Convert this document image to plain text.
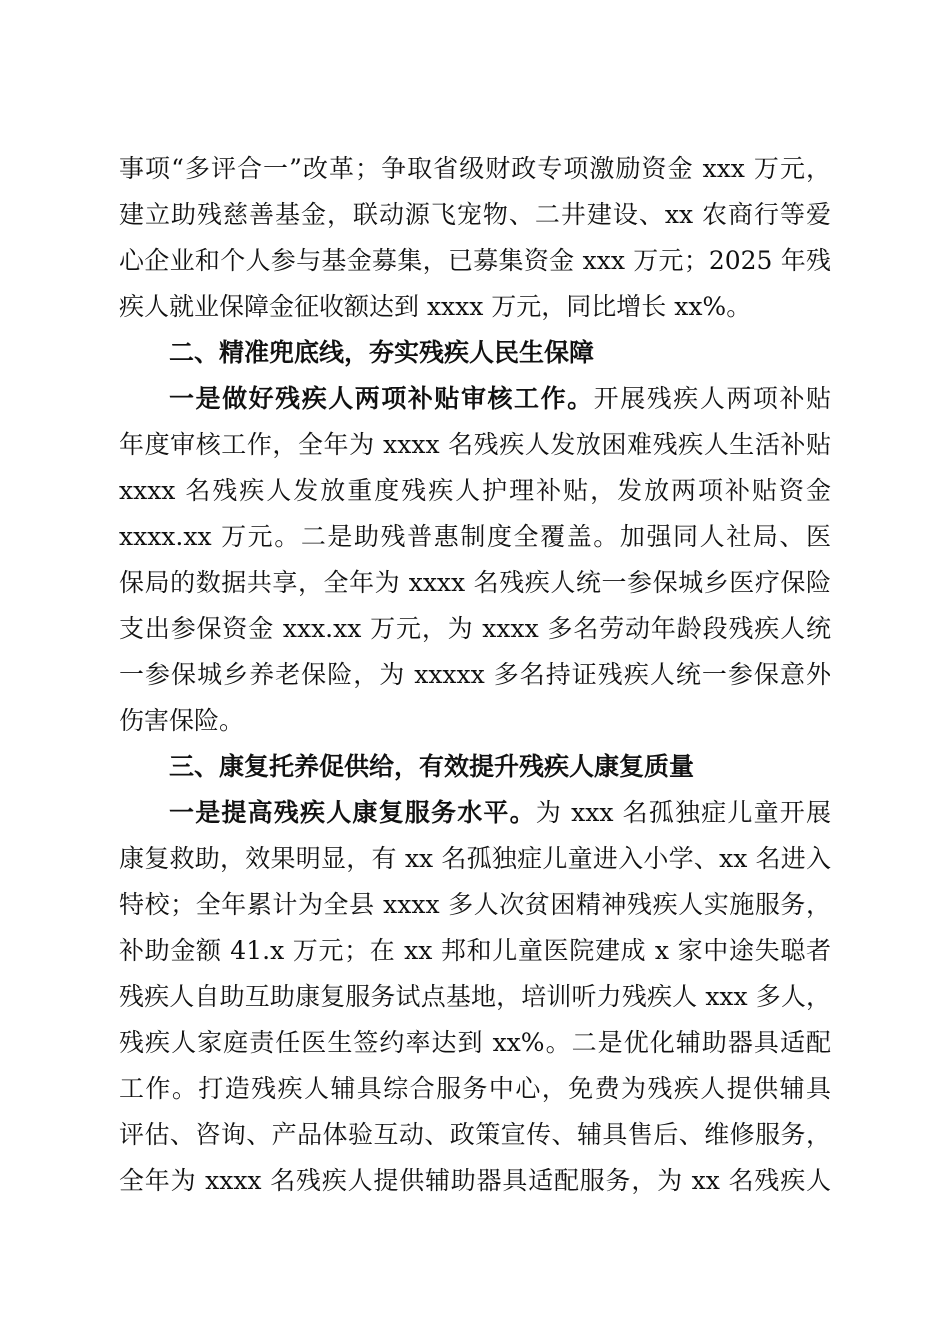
事项“多评合一”改革；争取省级财政专项激励资金 xxx 万元，
建立助残慈善基金，联动源飞宠物、二井建设、xx 农商行等爱
心企业和个人参与基金募集，已募集资金 xxx 万元；2025 年残
疾人就业保障金征收额达到 xxxx 万元，同比增长 xx%。
二、精准兜底线，夯实残疾人民生保障
一是做好残疾人两项补贴审核工作。开展残疾人两项补贴
年度审核工作，全年为 xxxx 名残疾人发放困难残疾人生活补贴
xxxx 名残疾人发放重度残疾人护理补贴，发放两项补贴资金
xxxx.xx 万元。二是助残普惠制度全覆盖。加强同人社局、医
保局的数据共享，全年为 xxxx 名残疾人统一参保城乡医疗保险
支出参保资金 xxx.xx 万元，为 xxxx 多名劳动年龄段残疾人统
一参保城乡养老保险，为 xxxxx 多名持证残疾人统一参保意外
伤害保险。
三、康复托养促供给，有效提升残疾人康复质量
一是提高残疾人康复服务水平。为 xxx 名孤独症儿童开展
康复救助，效果明显，有 xx 名孤独症儿童进入小学、xx 名进入
特校；全年累计为全县 xxxx 多人次贫困精神残疾人实施服务，
补助金额 41.x 万元；在 xx 邦和儿童医院建成 x 家中途失聪者
残疾人自助互助康复服务试点基地，培训听力残疾人 xxx 多人，
残疾人家庭责任医生签约率达到 xx%。二是优化辅助器具适配
工作。打造残疾人辅具综合服务中心，免费为残疾人提供辅具
评估、咨询、产品体验互动、政策宣传、辅具售后、维修服务，
全年为 xxxx 名残疾人提供辅助器具适配服务，为 xx 名残疾人
